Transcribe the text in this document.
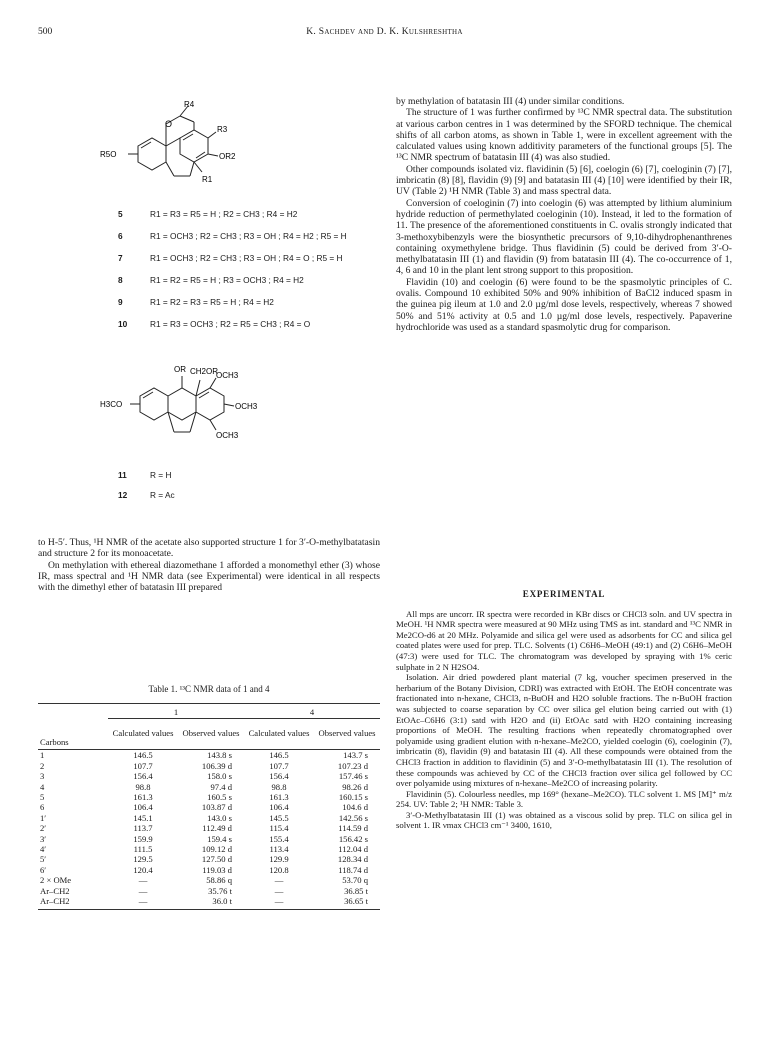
500	K. Sachdev and D. K. Kulshreshtha
O
R4
R3
R5O	OR2
R1
5	R1 = R3 = R5 = H ; R2 = CH3 ; R4 = H2
6	R1 = OCH3 ; R2 = CH3 ; R3 = OH ; R4 = H2 ; R5 = H
7	R1 = OCH3 ; R2 = CH3 ; R3 = OH ; R4 = O ; R5 = H
8	R1 = R2 = R5 = H ; R3 = OCH3 ; R4 = H2
9	R1 = R2 = R3 = R5 = H ; R4 = H2
10	R1 = R3 = OCH3 ; R2 = R5 = CH3 ; R4 = O
OR CH2OR
OCH3
H3CO	OCH3
OCH3
11	R = H
12	R = Ac

to H-5′. Thus, ¹H NMR of the acetate also supported structure 1 for 3′-O-methylbatatasin and structure 2 for its monoacetate.

On methylation with ethereal diazomethane 1 afforded a monomethyl ether (3) whose IR, mass spectral and ¹H NMR data (see Experimental) were identical in all respects with the dimethyl ether of batatasin III prepared

Table 1. ¹³C NMR data of 1 and 4

	1		4	

Carbons	Calculated values	Observed values	Calculated values	Observed values

1	146.5	143.8 s	146.5	143.7 s
2	107.7	106.39 d	107.7	107.23 d
3	156.4	158.0 s	156.4	157.46 s
4	98.8	97.4 d	98.8	98.26 d
5	161.3	160.5 s	161.3	160.15 s
6	106.4	103.87 d	106.4	104.6 d
1′	145.1	143.0 s	145.5	142.56 s
2′	113.7	112.49 d	115.4	114.59 d
3′	159.9	159.4 s	155.4	156.42 s
4′	111.5	109.12 d	113.4	112.04 d
5′	129.5	127.50 d	129.9	128.34 d
6′	120.4	119.03 d	120.8	118.74 d
2 × OMe	—	58.86 q	—	53.70 q
Ar–CH2	—	35.76 t	—	36.85 t
Ar–CH2	—	36.0 t	—	36.65 t

by methylation of batatasin III (4) under similar conditions.

The structure of 1 was further confirmed by ¹³C NMR spectral data. The substitution at various carbon centres in 1 was determined by the SFORD technique. The chemical shifts of all carbon atoms, as shown in Table 1, were in excellent agreement with the calculated values using known additivity parameters of the functional groups [5]. The ¹³C NMR spectrum of batatasin III (4) was also studied.

Other compounds isolated viz. flavidinin (5) [6], coelogin (6) [7], coeloginin (7) [7], imbricatin (8) [8], flavidin (9) [9] and batatasin III (4) [10] were identified by their IR, UV (Table 2) ¹H NMR (Table 3) and mass spectral data.

Conversion of coeloginin (7) into coelogin (6) was attempted by lithium aluminium hydride reduction of permethylated coeloginin (10). Instead, it led to the formation of 11. The presence of the aforementioned constituents in C. ovalis strongly indicated that 3-methoxybibenzyls were the biosynthetic precursors of 9,10-dihydrophenanthrenes containing oxymethylene bridge. Thus flavidinin (5) could be derived from 3′-O-methylbatatasin III (1) and flavidin (9) from batatasin III (4). The co-occurrence of 1, 4, 6 and 10 in the plant lent strong support to this proposition.

Flavidin (10) and coelogin (6) were found to be the spasmolytic principles of C. ovalis. Compound 10 exhibited 50% and 90% inhibition of BaCl2 induced spasm in the guinea pig ileum at 1.0 and 2.0 µg/ml dose levels, respectively, whereas 7 showed 50% and 51% activity at 0.5 and 1.0 µg/ml dose levels, respectively. Papaverine hydrochloride was used as a standard spasmolytic drug for comparison.

EXPERIMENTAL

All mps are uncorr. IR spectra were recorded in KBr discs or CHCl3 soln. and UV spectra in MeOH. ¹H NMR spectra were measured at 90 MHz using TMS as int. standard and ¹³C NMR in Me2CO-d6 at 20 MHz. Polyamide and silica gel were used as adsorbents for CC and silica gel coated plates were used for prep. TLC. Solvents (1) C6H6–MeOH (49:1) and (2) C6H6–MeOH (47:3) were used for TLC. The chromatogram was developed by spraying with 1% ceric sulphate in 2 N H2SO4.

Isolation. Air dried powdered plant material (7 kg, voucher specimen preserved in the herbarium of the Botany Division, CDRI) was extracted with EtOH. The EtOH concentrate was fractionated into n-hexane, CHCl3, n-BuOH and H2O soluble fractions. The n-BuOH fraction was subjected to coarse separation by CC over silica gel elution being carried out with (1) EtOAc–C6H6 (3:1) satd with H2O and (ii) EtOAc satd with H2O containing increasing proportions of MeOH. The resulting fractions when repeatedly chromatographed over polyamide using gradient elution with n-hexane–Me2CO, yielded coelogin (6), coeloginin (7), imbricatin (8), flavidin (9) and batatasin III (4). All these compounds were obtained from the CHCl3 fraction in addition to flavidinin (5) and 3′-O-methylbatatasin III (1). The resolution of these compounds was achieved by CC of the CHCl3 fraction over silica gel followed by CC over polyamide using mixtures of n-hexane–Me2CO of increasing polarity.

Flavidinin (5). Colourless needles, mp 169° (hexane–Me2CO). TLC solvent 1. MS [M]⁺ m/z 254. UV: Table 2; ¹H NMR: Table 3.

3′-O-Methylbatatasin III (1) was obtained as a viscous solid by prep. TLC on silica gel in solvent 1. IR νmax CHCl3 cm⁻¹ 3400, 1610,
